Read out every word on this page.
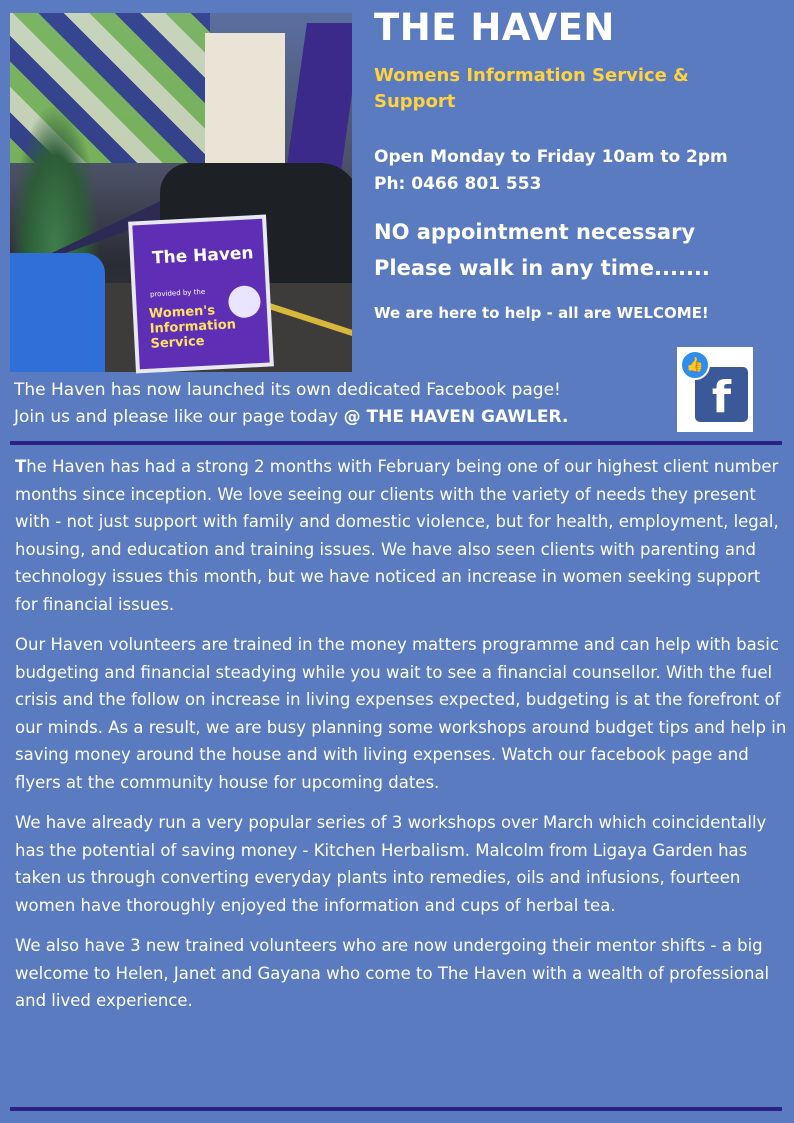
The Haven
provided by the
Women's Information Service
THE HAVEN
Womens Information Service & Support
Open Monday to Friday 10am to 2pm
Ph: 0466 801 553
NO appointment necessary
Please walk in any time.......
We are here to help - all are WELCOME!
The Haven has now launched its own dedicated Facebook page!
Join us and please like our page today @ THE HAVEN GAWLER.	f
👍

The Haven has had a strong 2 months with February being one of our highest client number months since inception. We love seeing our clients with the variety of needs they present with - not just support with family and domestic violence, but for health, employment, legal, housing, and education and training issues. We have also seen clients with parenting and technology issues this month, but we have noticed an increase in women seeking support for financial issues.

Our Haven volunteers are trained in the money matters programme and can help with basic budgeting and financial steadying while you wait to see a financial counsellor. With the fuel crisis and the follow on increase in living expenses expected, budgeting is at the forefront of our minds. As a result, we are busy planning some workshops around budget tips and help in saving money around the house and with living expenses. Watch our facebook page and flyers at the community house for upcoming dates.

We have already run a very popular series of 3 workshops over March which coincidentally has the potential of saving money - Kitchen Herbalism. Malcolm from Ligaya Garden has taken us through converting everyday plants into remedies, oils and infusions, fourteen women have thoroughly enjoyed the information and cups of herbal tea.

We also have 3 new trained volunteers who are now undergoing their mentor shifts - a big welcome to Helen, Janet and Gayana who come to The Haven with a wealth of professional and lived experience.
